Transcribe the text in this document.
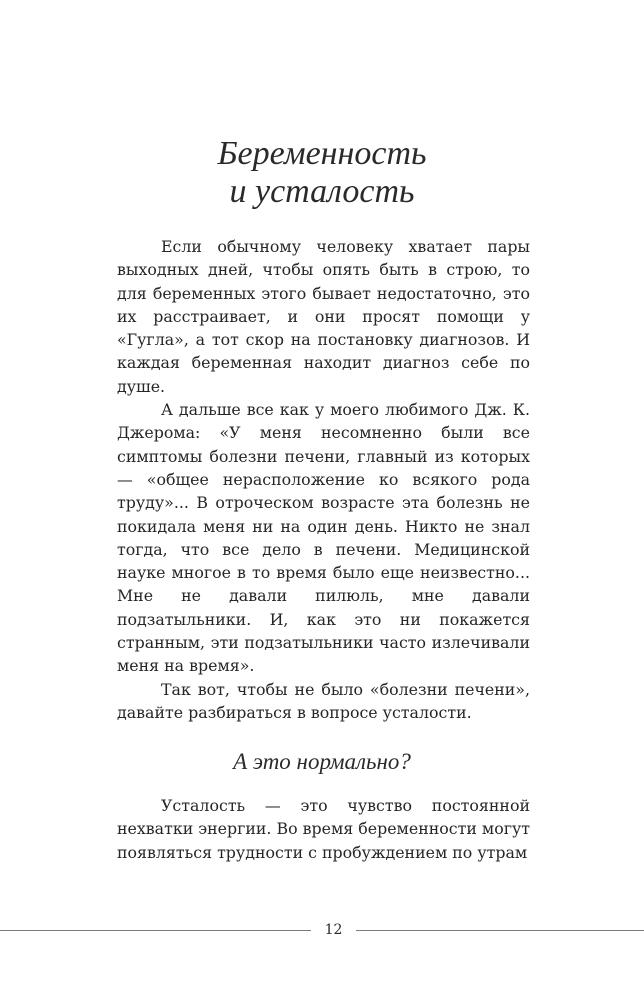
Беременность
и усталость

Если обычному человеку хватает пары выходных дней, чтобы опять быть в строю, то для беременных этого бывает недостаточно, это их расстраивает, и они просят помощи у «Гугла», а тот скор на постановку диагнозов. И каждая беременная находит диагноз себе по душе.

А дальше все как у моего любимого Дж. К. Джерома: «У меня несомненно были все симптомы болезни печени, главный из которых — «общее нерасположение ко всякого рода труду»... В отроческом возрасте эта болезнь не покидала меня ни на один день. Никто не знал тогда, что все дело в печени. Медицинской науке многое в то время было еще неизвестно... Мне не давали пилюль, мне давали подзатыльники. И, как это ни покажется странным, эти подзатыльники часто излечивали меня на время».

Так вот, чтобы не было «болезни печени», давайте разбираться в вопросе усталости.

А это нормально?

Усталость — это чувство постоянной нехватки энергии. Во время беременности могут появляться трудности с пробуждением по утрам

12
